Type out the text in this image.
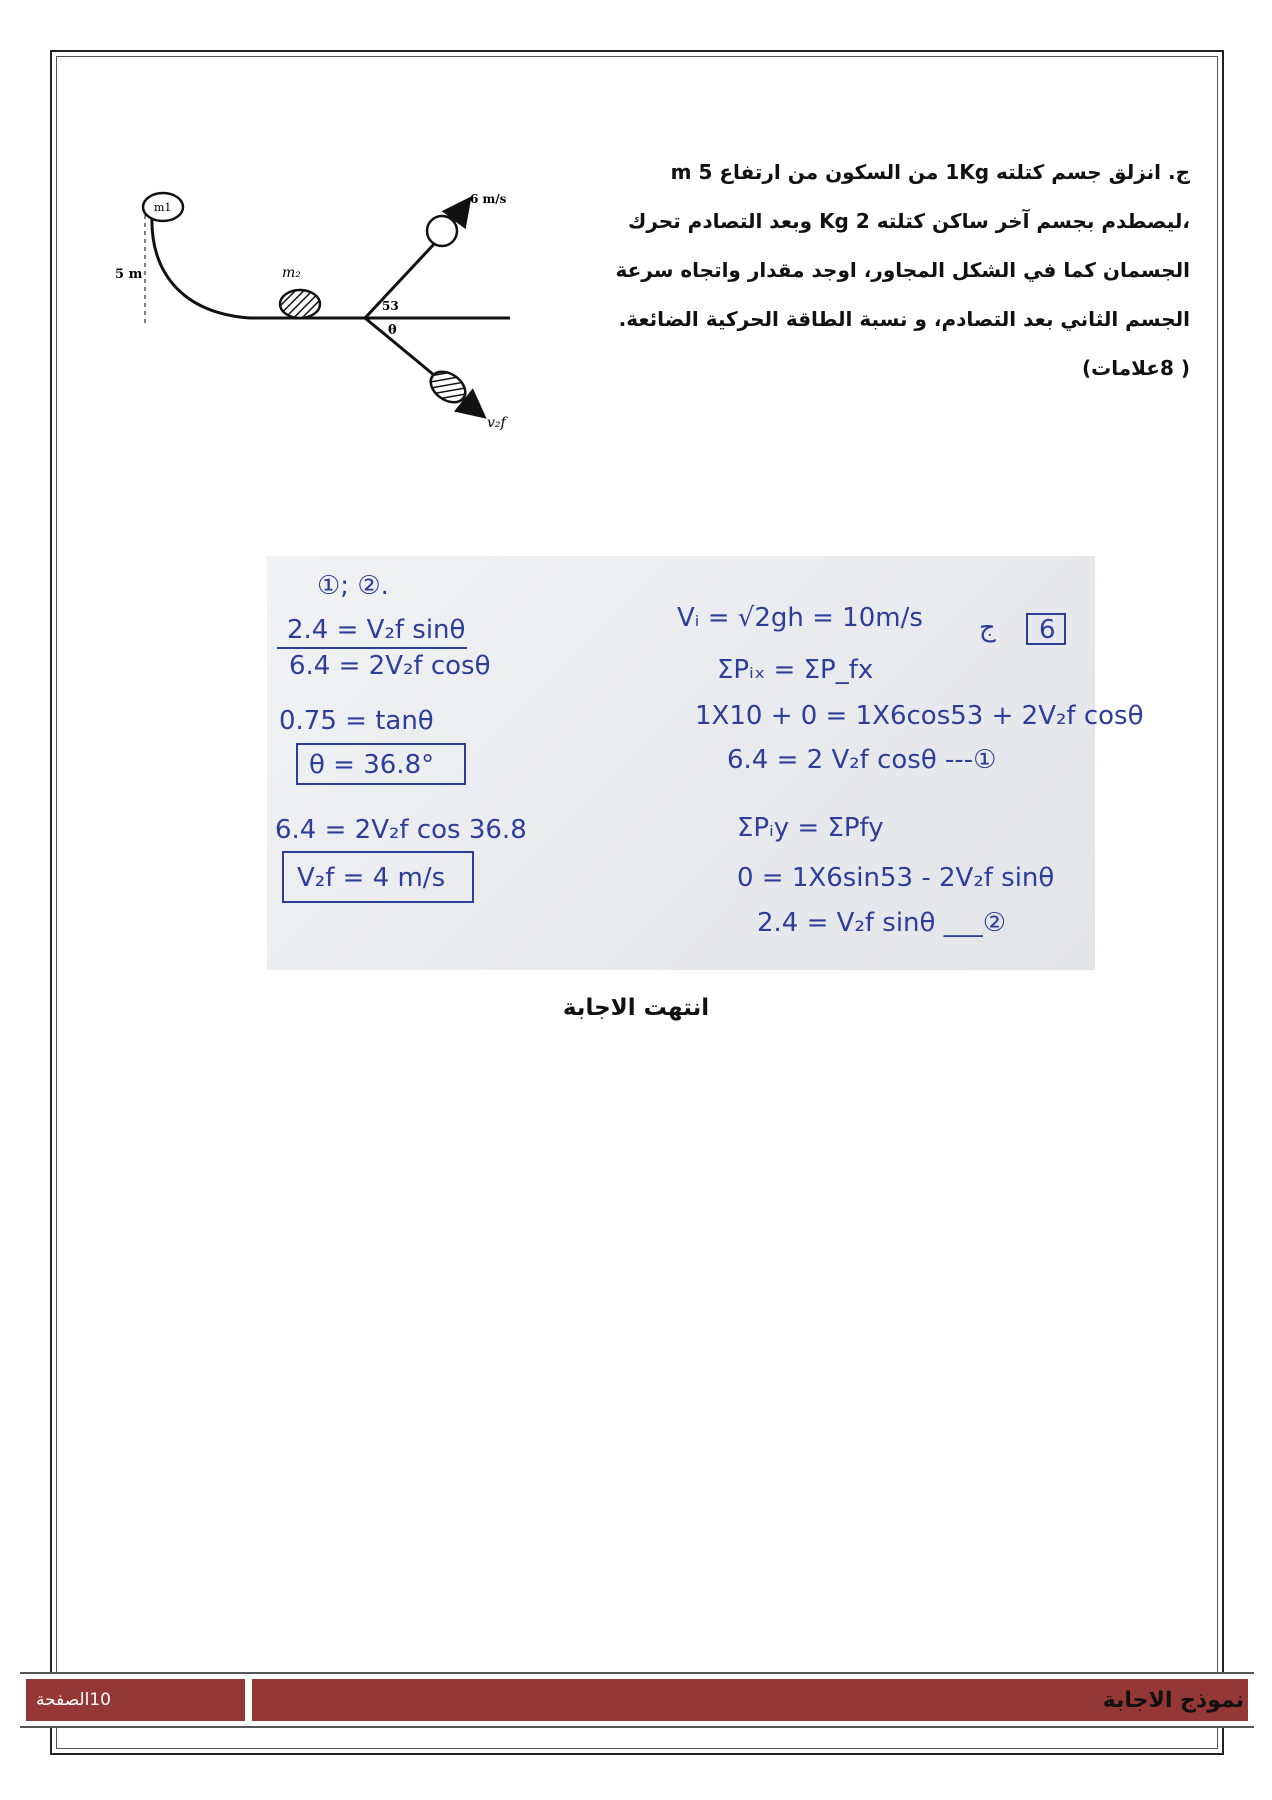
ج. انزلق جسم كتلته 1Kg من السكون من ارتفاع 5 m
،ليصطدم بجسم آخر ساكن كتلته 2 Kg وبعد التصادم تحرك
الجسمان كما في الشكل المجاور، اوجد مقدار واتجاه سرعة
الجسم الثاني بعد التصادم، و نسبة الطاقة الحركية الضائعة.
( 8علامات)
5 m
m1
m₂
6 m/s
53
θ
v₂f
①; ②.
2.4 = V₂f sinθ
6.4 = 2V₂f cosθ
0.75 = tanθ
θ = 36.8°
6.4 = 2V₂f cos 36.8
V₂f = 4 m/s
Vᵢ = √2gh = 10m/s
ΣPᵢₓ = ΣP_fx
1X10 + 0 = 1X6cos53 + 2V₂f cosθ
6.4 = 2 V₂f cosθ ---①
ΣPᵢy = ΣPfy
0 = 1X6sin53 - 2V₂f sinθ
2.4 = V₂f sinθ ___②
ج 6
انتهت الاجابة
10الصفحة	نموذج الاجابة
